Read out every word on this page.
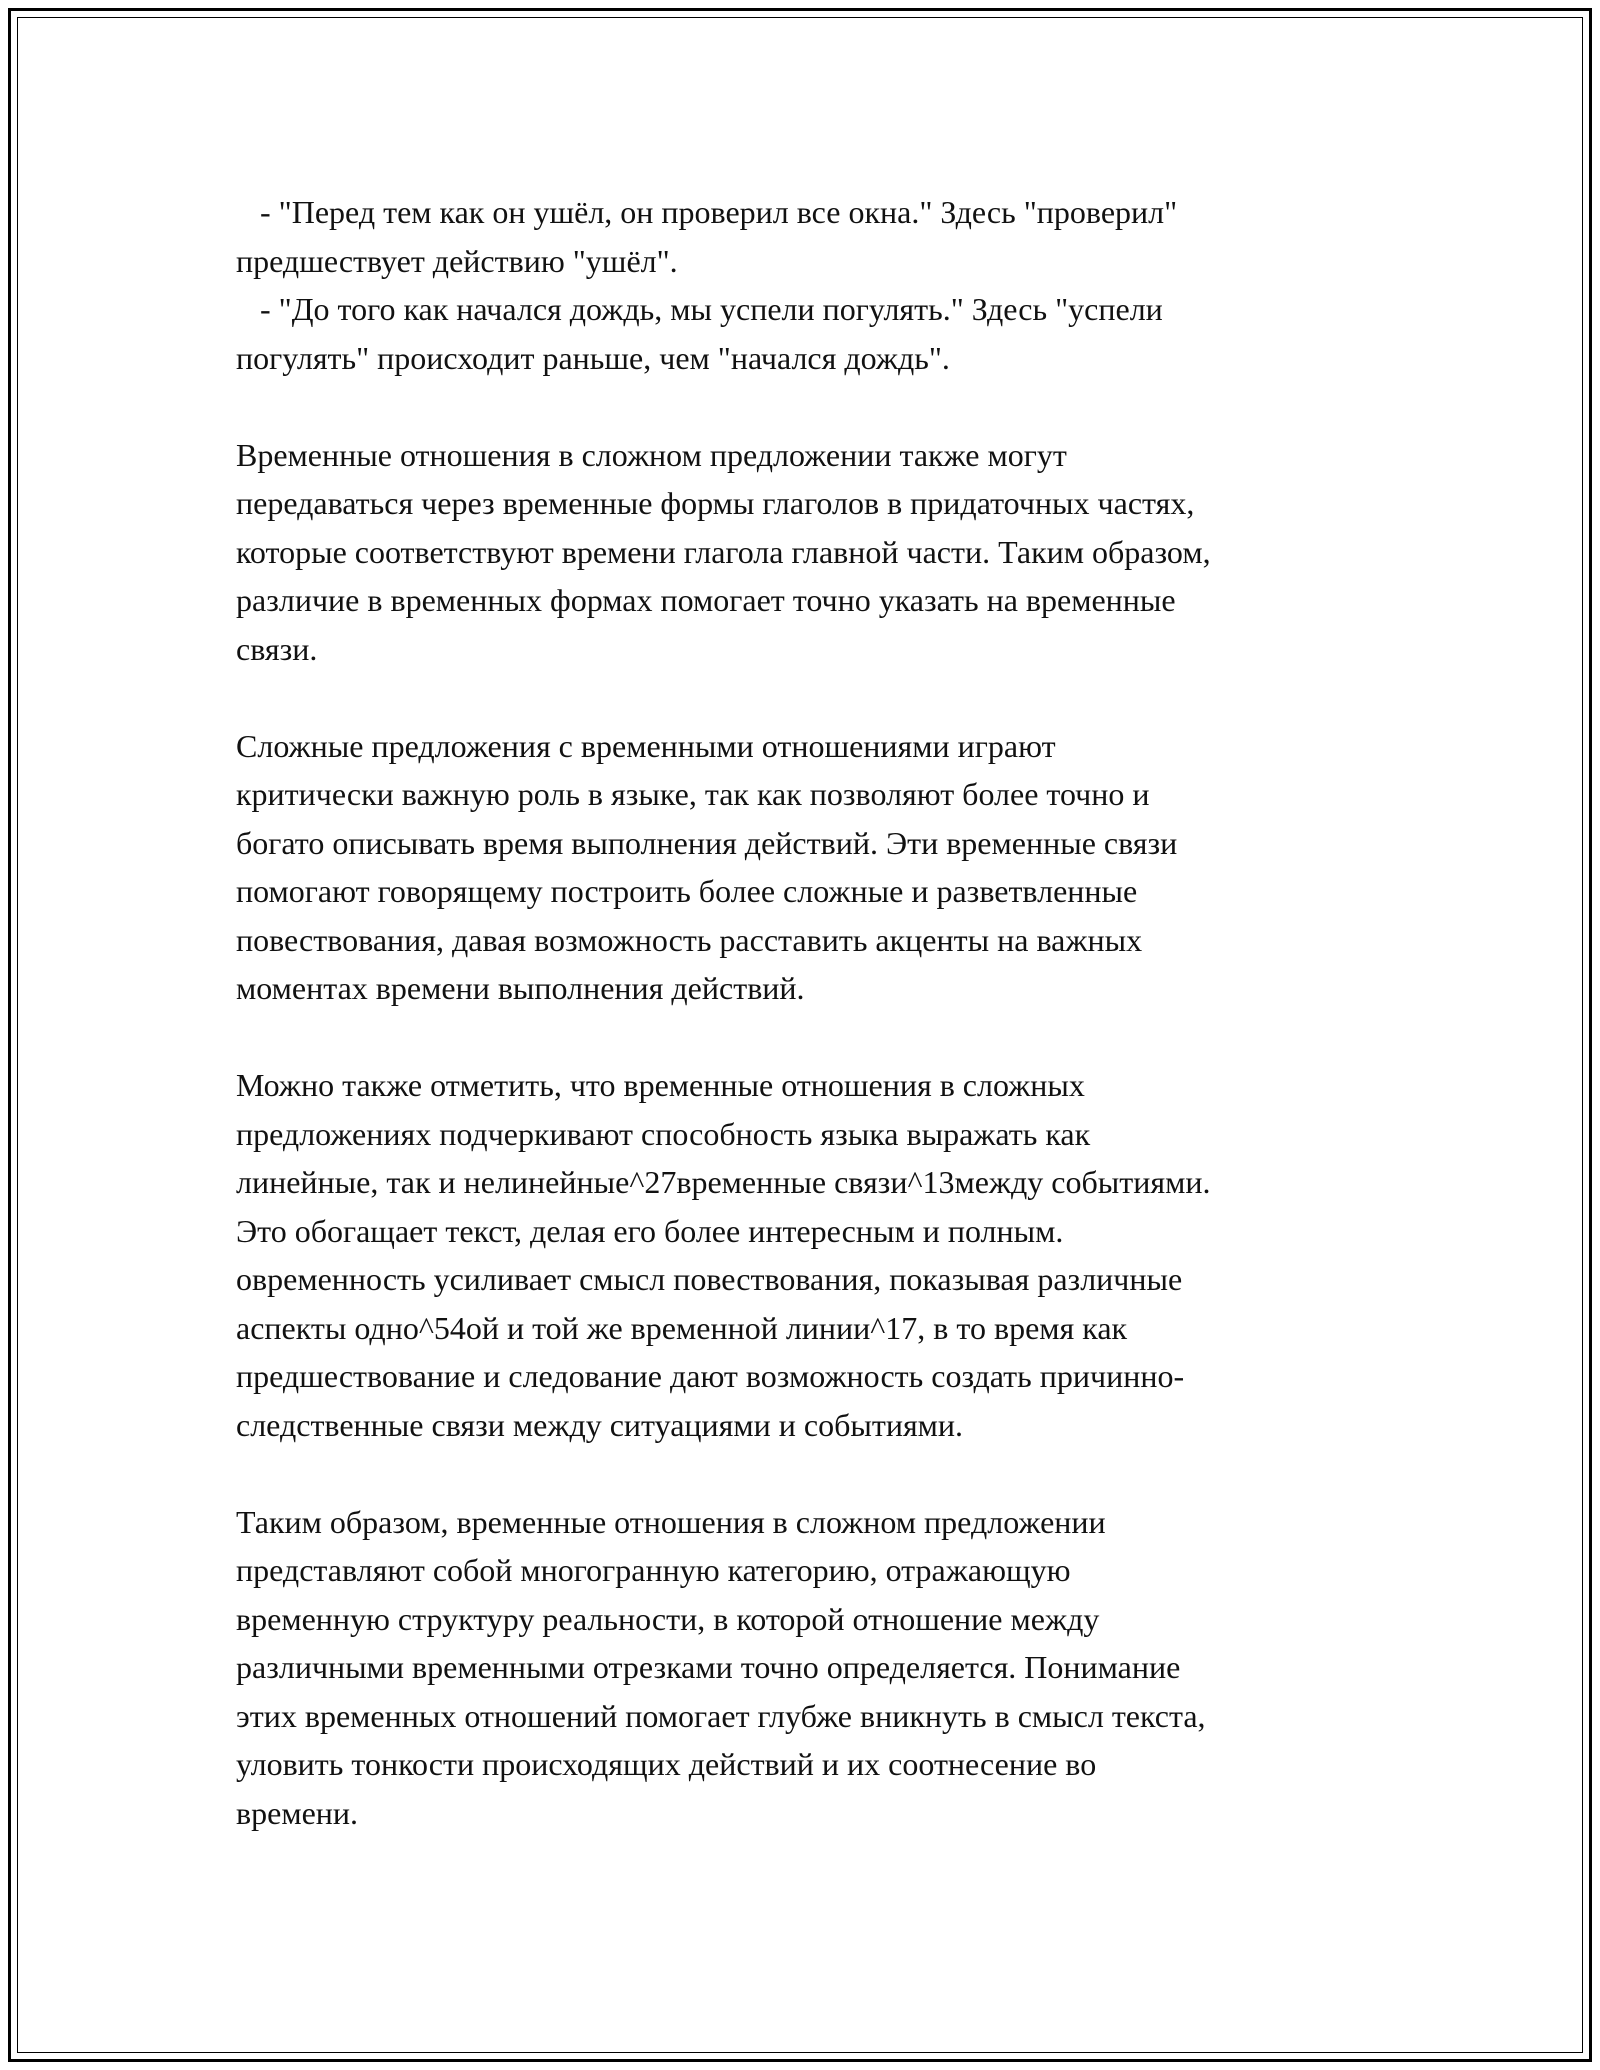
- "Перед тем как он ушёл, он проверил все окна." Здесь "проверил"
предшествует действию "ушёл".
- "До того как начался дождь, мы успели погулять." Здесь "успели
погулять" происходит раньше, чем "начался дождь".
Временные отношения в сложном предложении также могут
передаваться через временные формы глаголов в придаточных частях,
которые соответствуют времени глагола главной части. Таким образом,
различие в временных формах помогает точно указать на временные
связи.
Сложные предложения с временными отношениями играют
критически важную роль в языке, так как позволяют более точно и
богато описывать время выполнения действий. Эти временные связи
помогают говорящему построить более сложные и разветвленные
повествования, давая возможность расставить акценты на важных
моментах времени выполнения действий.
Можно также отметить, что временные отношения в сложных
предложениях подчеркивают способность языка выражать как
линейные, так и нелинейные^27временные связи^13между событиями.
Это обогащает текст, делая его более интересным и полным.
овременность усиливает смысл повествования, показывая различные
аспекты одно^54ой и той же временной линии^17, в то время как
предшествование и следование дают возможность создать причинно-
следственные связи между ситуациями и событиями.
Таким образом, временные отношения в сложном предложении
представляют собой многогранную категорию, отражающую
временную структуру реальности, в которой отношение между
различными временными отрезками точно определяется. Понимание
этих временных отношений помогает глубже вникнуть в смысл текста,
уловить тонкости происходящих действий и их соотнесение во
времени.
